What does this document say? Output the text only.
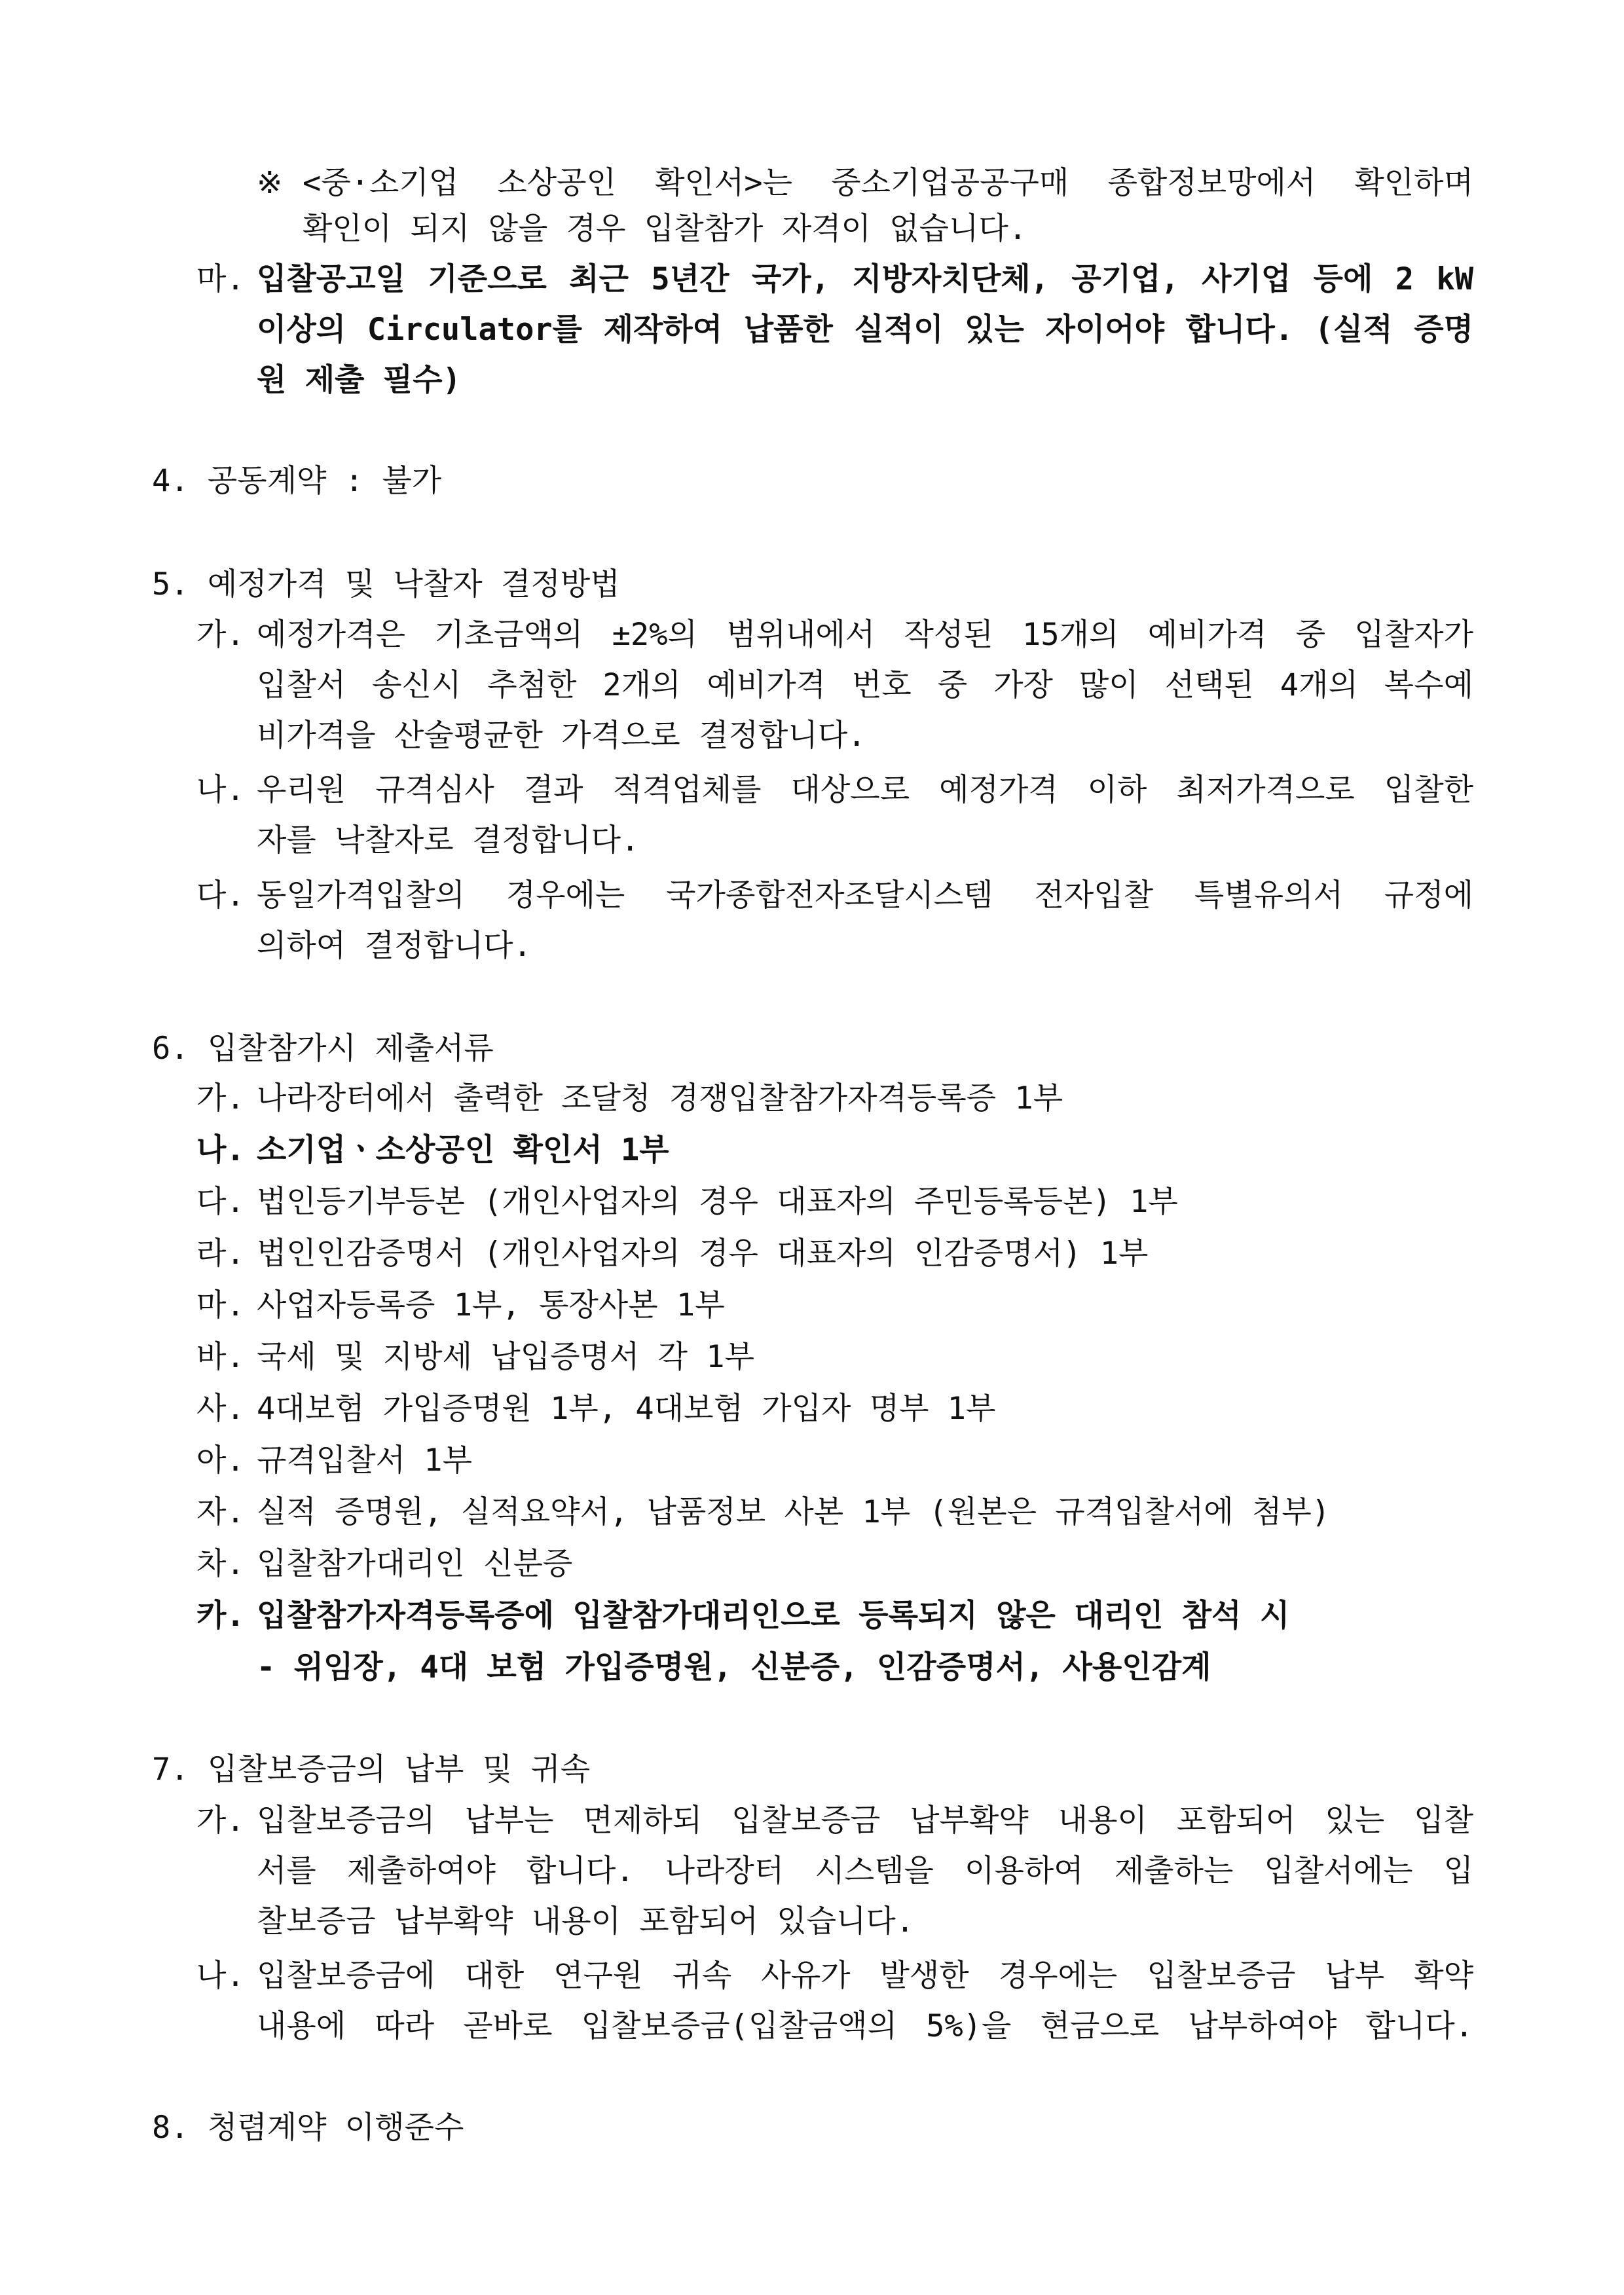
※ <중·소기업 소상공인 확인서>는 중소기업공공구매 종합정보망에서 확인하며
확인이 되지 않을 경우 입찰참가 자격이 없습니다.
마. 입찰공고일 기준으로 최근 5년간 국가, 지방자치단체, 공기업, 사기업 등에 2 kW
이상의 Circulator를 제작하여 납품한 실적이 있는 자이어야 합니다. (실적 증명
원 제출 필수)
4. 공동계약 : 불가
5. 예정가격 및 낙찰자 결정방법
가. 예정가격은 기초금액의 ±2%의 범위내에서 작성된 15개의 예비가격 중 입찰자가
입찰서 송신시 추첨한 2개의 예비가격 번호 중 가장 많이 선택된 4개의 복수예
비가격을 산술평균한 가격으로 결정합니다.
나. 우리원 규격심사 결과 적격업체를 대상으로 예정가격 이하 최저가격으로 입찰한
자를 낙찰자로 결정합니다.
다. 동일가격입찰의 경우에는 국가종합전자조달시스템 전자입찰 특별유의서 규정에
의하여 결정합니다.
6. 입찰참가시 제출서류
가. 나라장터에서 출력한 조달청 경쟁입찰참가자격등록증 1부
나. 소기업ㆍ소상공인 확인서 1부
다. 법인등기부등본 (개인사업자의 경우 대표자의 주민등록등본) 1부
라. 법인인감증명서 (개인사업자의 경우 대표자의 인감증명서) 1부
마. 사업자등록증 1부, 통장사본 1부
바. 국세 및 지방세 납입증명서 각 1부
사. 4대보험 가입증명원 1부, 4대보험 가입자 명부 1부
아. 규격입찰서 1부
자. 실적 증명원, 실적요약서, 납품정보 사본 1부 (원본은 규격입찰서에 첨부)
차. 입찰참가대리인 신분증
카. 입찰참가자격등록증에 입찰참가대리인으로 등록되지 않은 대리인 참석 시
- 위임장, 4대 보험 가입증명원, 신분증, 인감증명서, 사용인감계
7. 입찰보증금의 납부 및 귀속
가. 입찰보증금의 납부는 면제하되 입찰보증금 납부확약 내용이 포함되어 있는 입찰
서를 제출하여야 합니다. 나라장터 시스템을 이용하여 제출하는 입찰서에는 입
찰보증금 납부확약 내용이 포함되어 있습니다.
나. 입찰보증금에 대한 연구원 귀속 사유가 발생한 경우에는 입찰보증금 납부 확약
내용에 따라 곧바로 입찰보증금(입찰금액의 5%)을 현금으로 납부하여야 합니다.
8. 청렴계약 이행준수
